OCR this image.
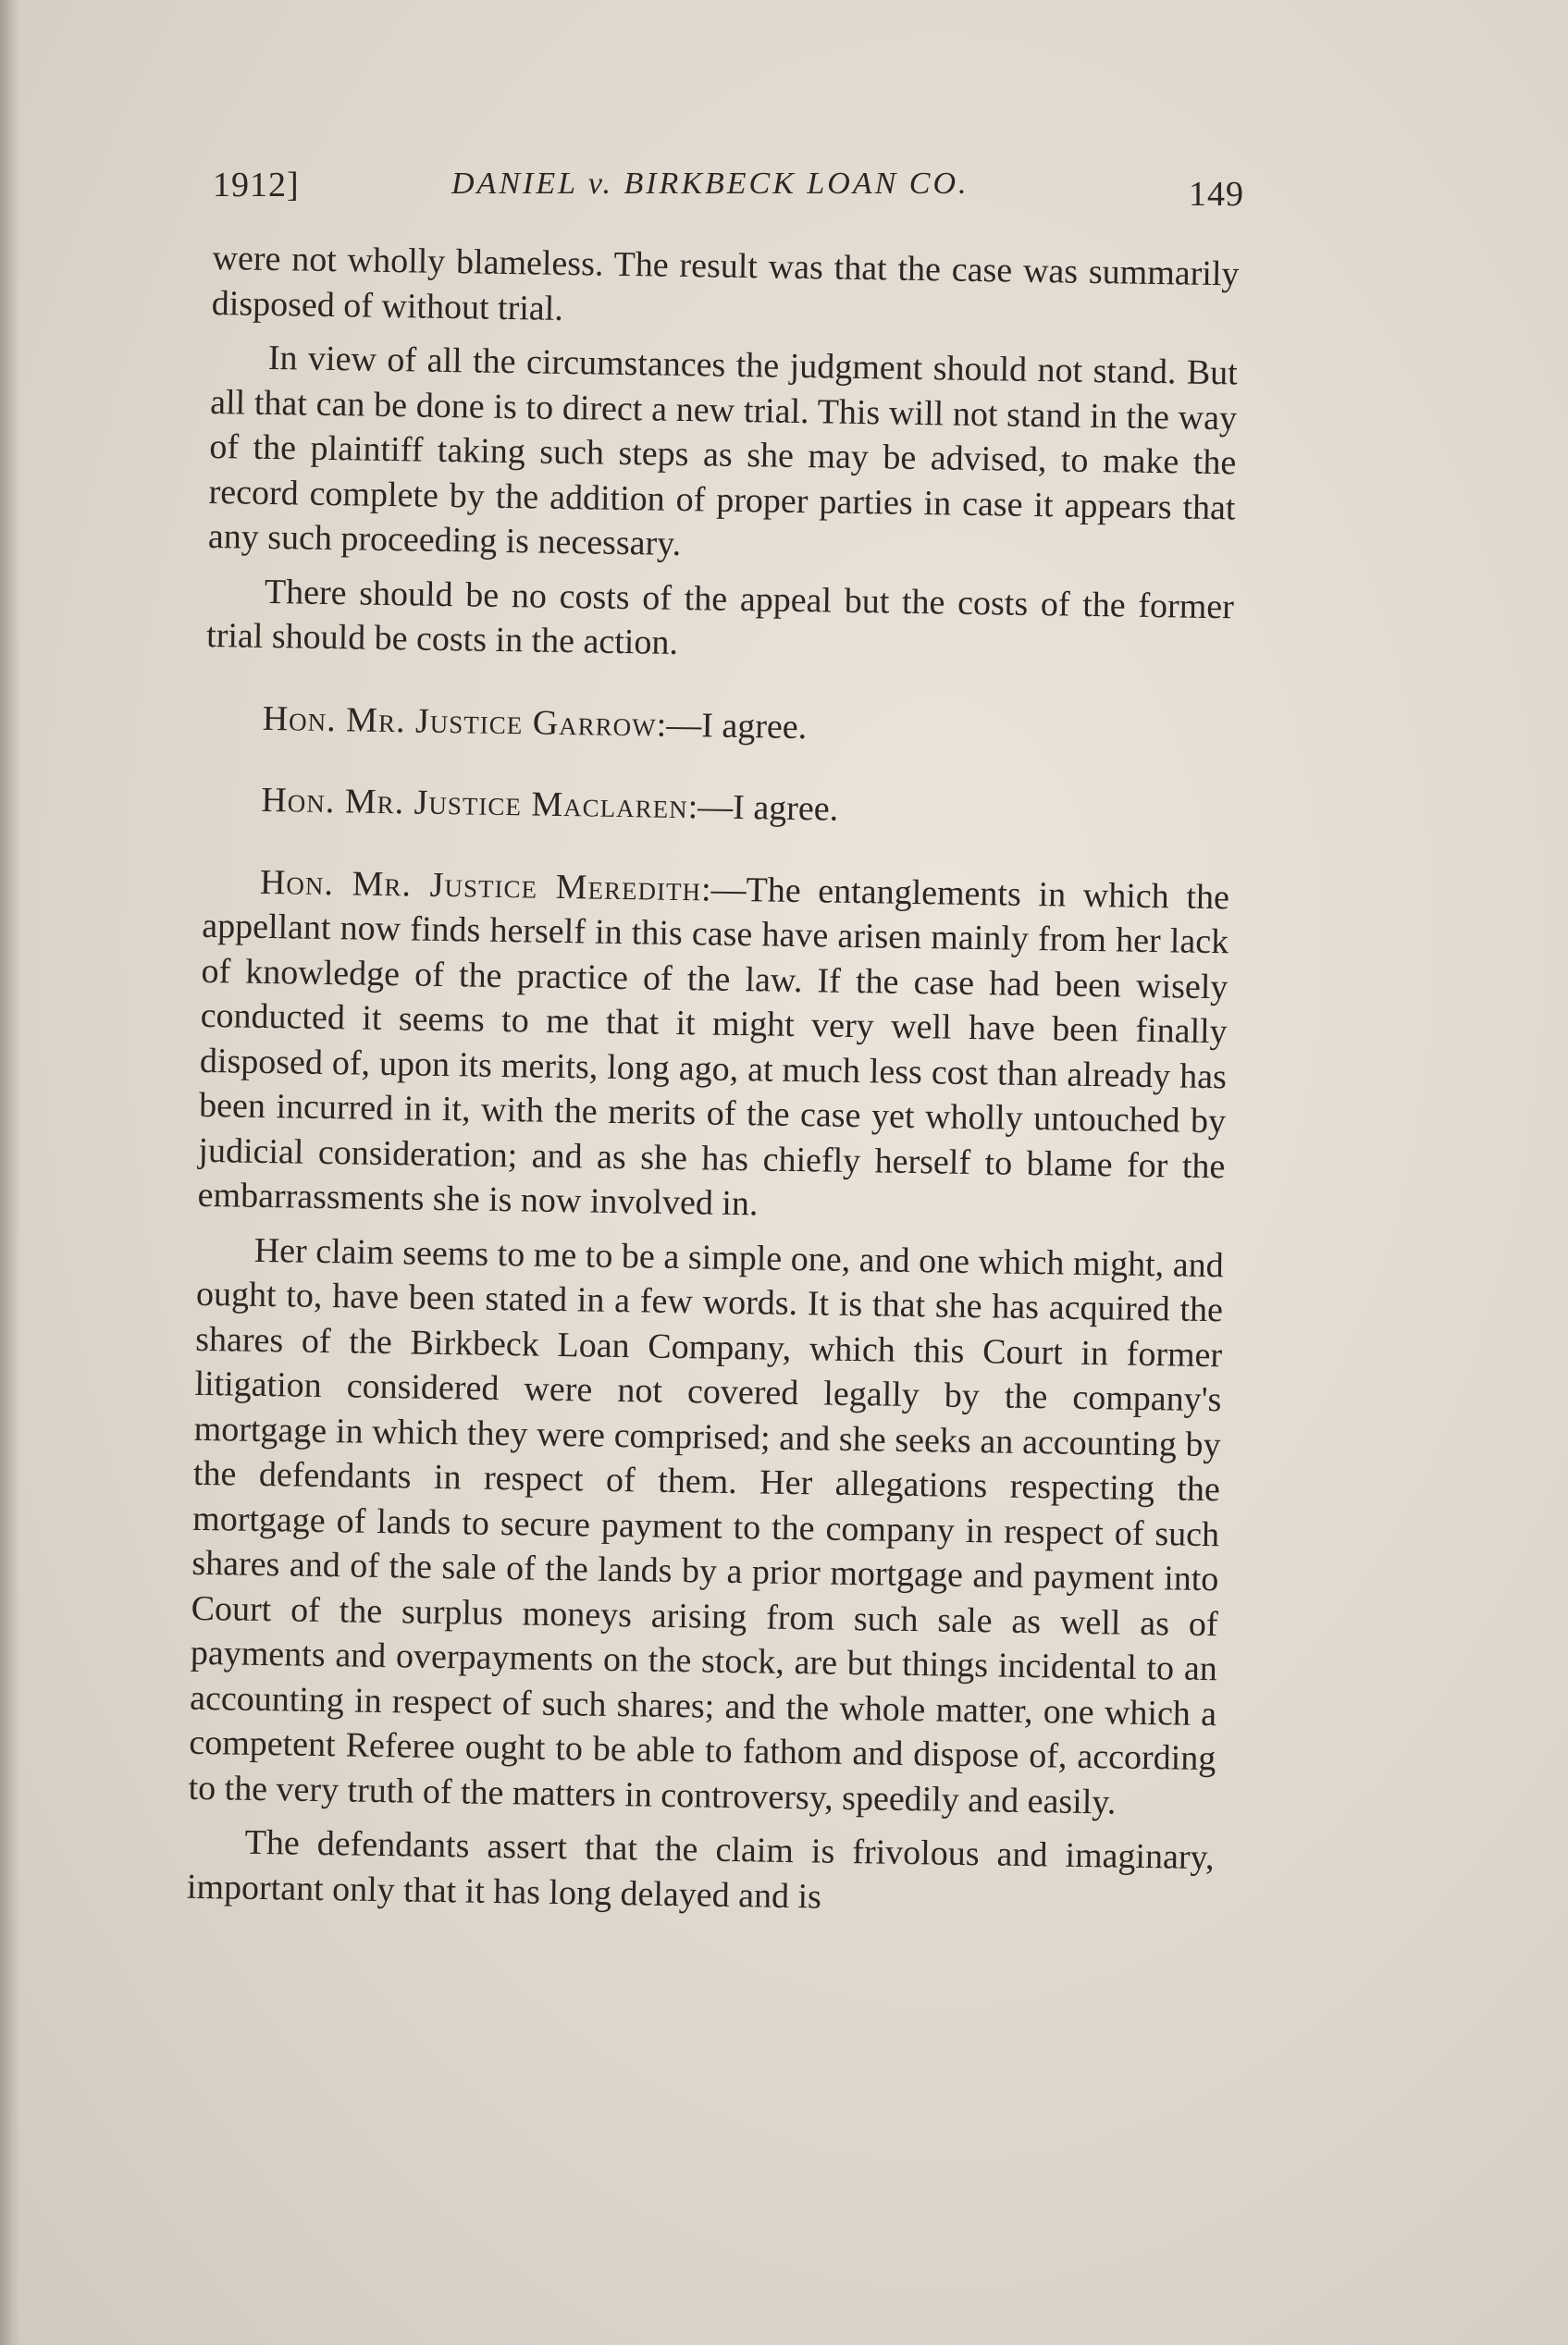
1912]	DANIEL v. BIRKBECK LOAN CO.	149

were not wholly blameless. The result was that the case was summarily disposed of without trial.

In view of all the circumstances the judgment should not stand. But all that can be done is to direct a new trial. This will not stand in the way of the plaintiff taking such steps as she may be advised, to make the record complete by the addition of proper parties in case it appears that any such proceeding is necessary.

There should be no costs of the appeal but the costs of the former trial should be costs in the action.

Hon. Mr. Justice Garrow:—I agree.

Hon. Mr. Justice Maclaren:—I agree.

Hon. Mr. Justice Meredith:—The entanglements in which the appellant now finds herself in this case have arisen mainly from her lack of knowledge of the practice of the law. If the case had been wisely conducted it seems to me that it might very well have been finally disposed of, upon its merits, long ago, at much less cost than already has been incurred in it, with the merits of the case yet wholly untouched by judicial consideration; and as she has chiefly herself to blame for the embarrassments she is now involved in.

Her claim seems to me to be a simple one, and one which might, and ought to, have been stated in a few words. It is that she has acquired the shares of the Birkbeck Loan Company, which this Court in former litigation considered were not covered legally by the company's mortgage in which they were comprised; and she seeks an accounting by the defendants in respect of them. Her allegations respecting the mortgage of lands to secure payment to the company in respect of such shares and of the sale of the lands by a prior mortgage and payment into Court of the surplus moneys arising from such sale as well as of payments and overpayments on the stock, are but things incidental to an accounting in respect of such shares; and the whole matter, one which a competent Referee ought to be able to fathom and dispose of, according to the very truth of the matters in controversy, speedily and easily.

The defendants assert that the claim is frivolous and imaginary, important only that it has long delayed and is
